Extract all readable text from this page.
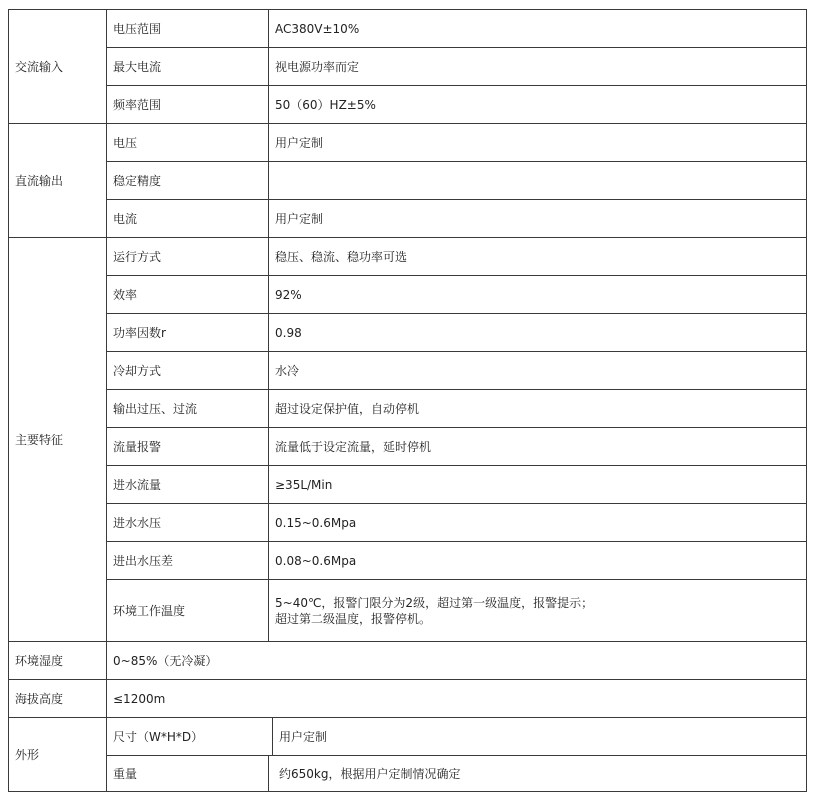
交流输入	电压范围	AC380V±10%	
	最大电流	视电源功率而定	
	频率范围	50（60）HZ±5%	
直流输出	电压	用户定制	
	稳定精度		
	电流	用户定制	
主要特征	运行方式	稳压、稳流、稳功率可选	
	效率	92%	
	功率因数r	0.98	
	冷却方式	水冷	
	输出过压、过流	超过设定保护值，自动停机	
	流量报警	流量低于设定流量，延时停机	
	进水流量	≥35L/Min	
	进水水压	0.15~0.6Mpa	
	进出水压差	0.08~0.6Mpa	
	环境工作温度	5~40℃，报警门限分为2级，超过第一级温度，报警提示；
超过第二级温度，报警停机。	

环境湿度	0~85%（无冷凝）		
海拔高度	≤1200m		
外形	尺寸（W*H*D）		用户定制
	重量	约650kg，根据用户定制情况确定	
